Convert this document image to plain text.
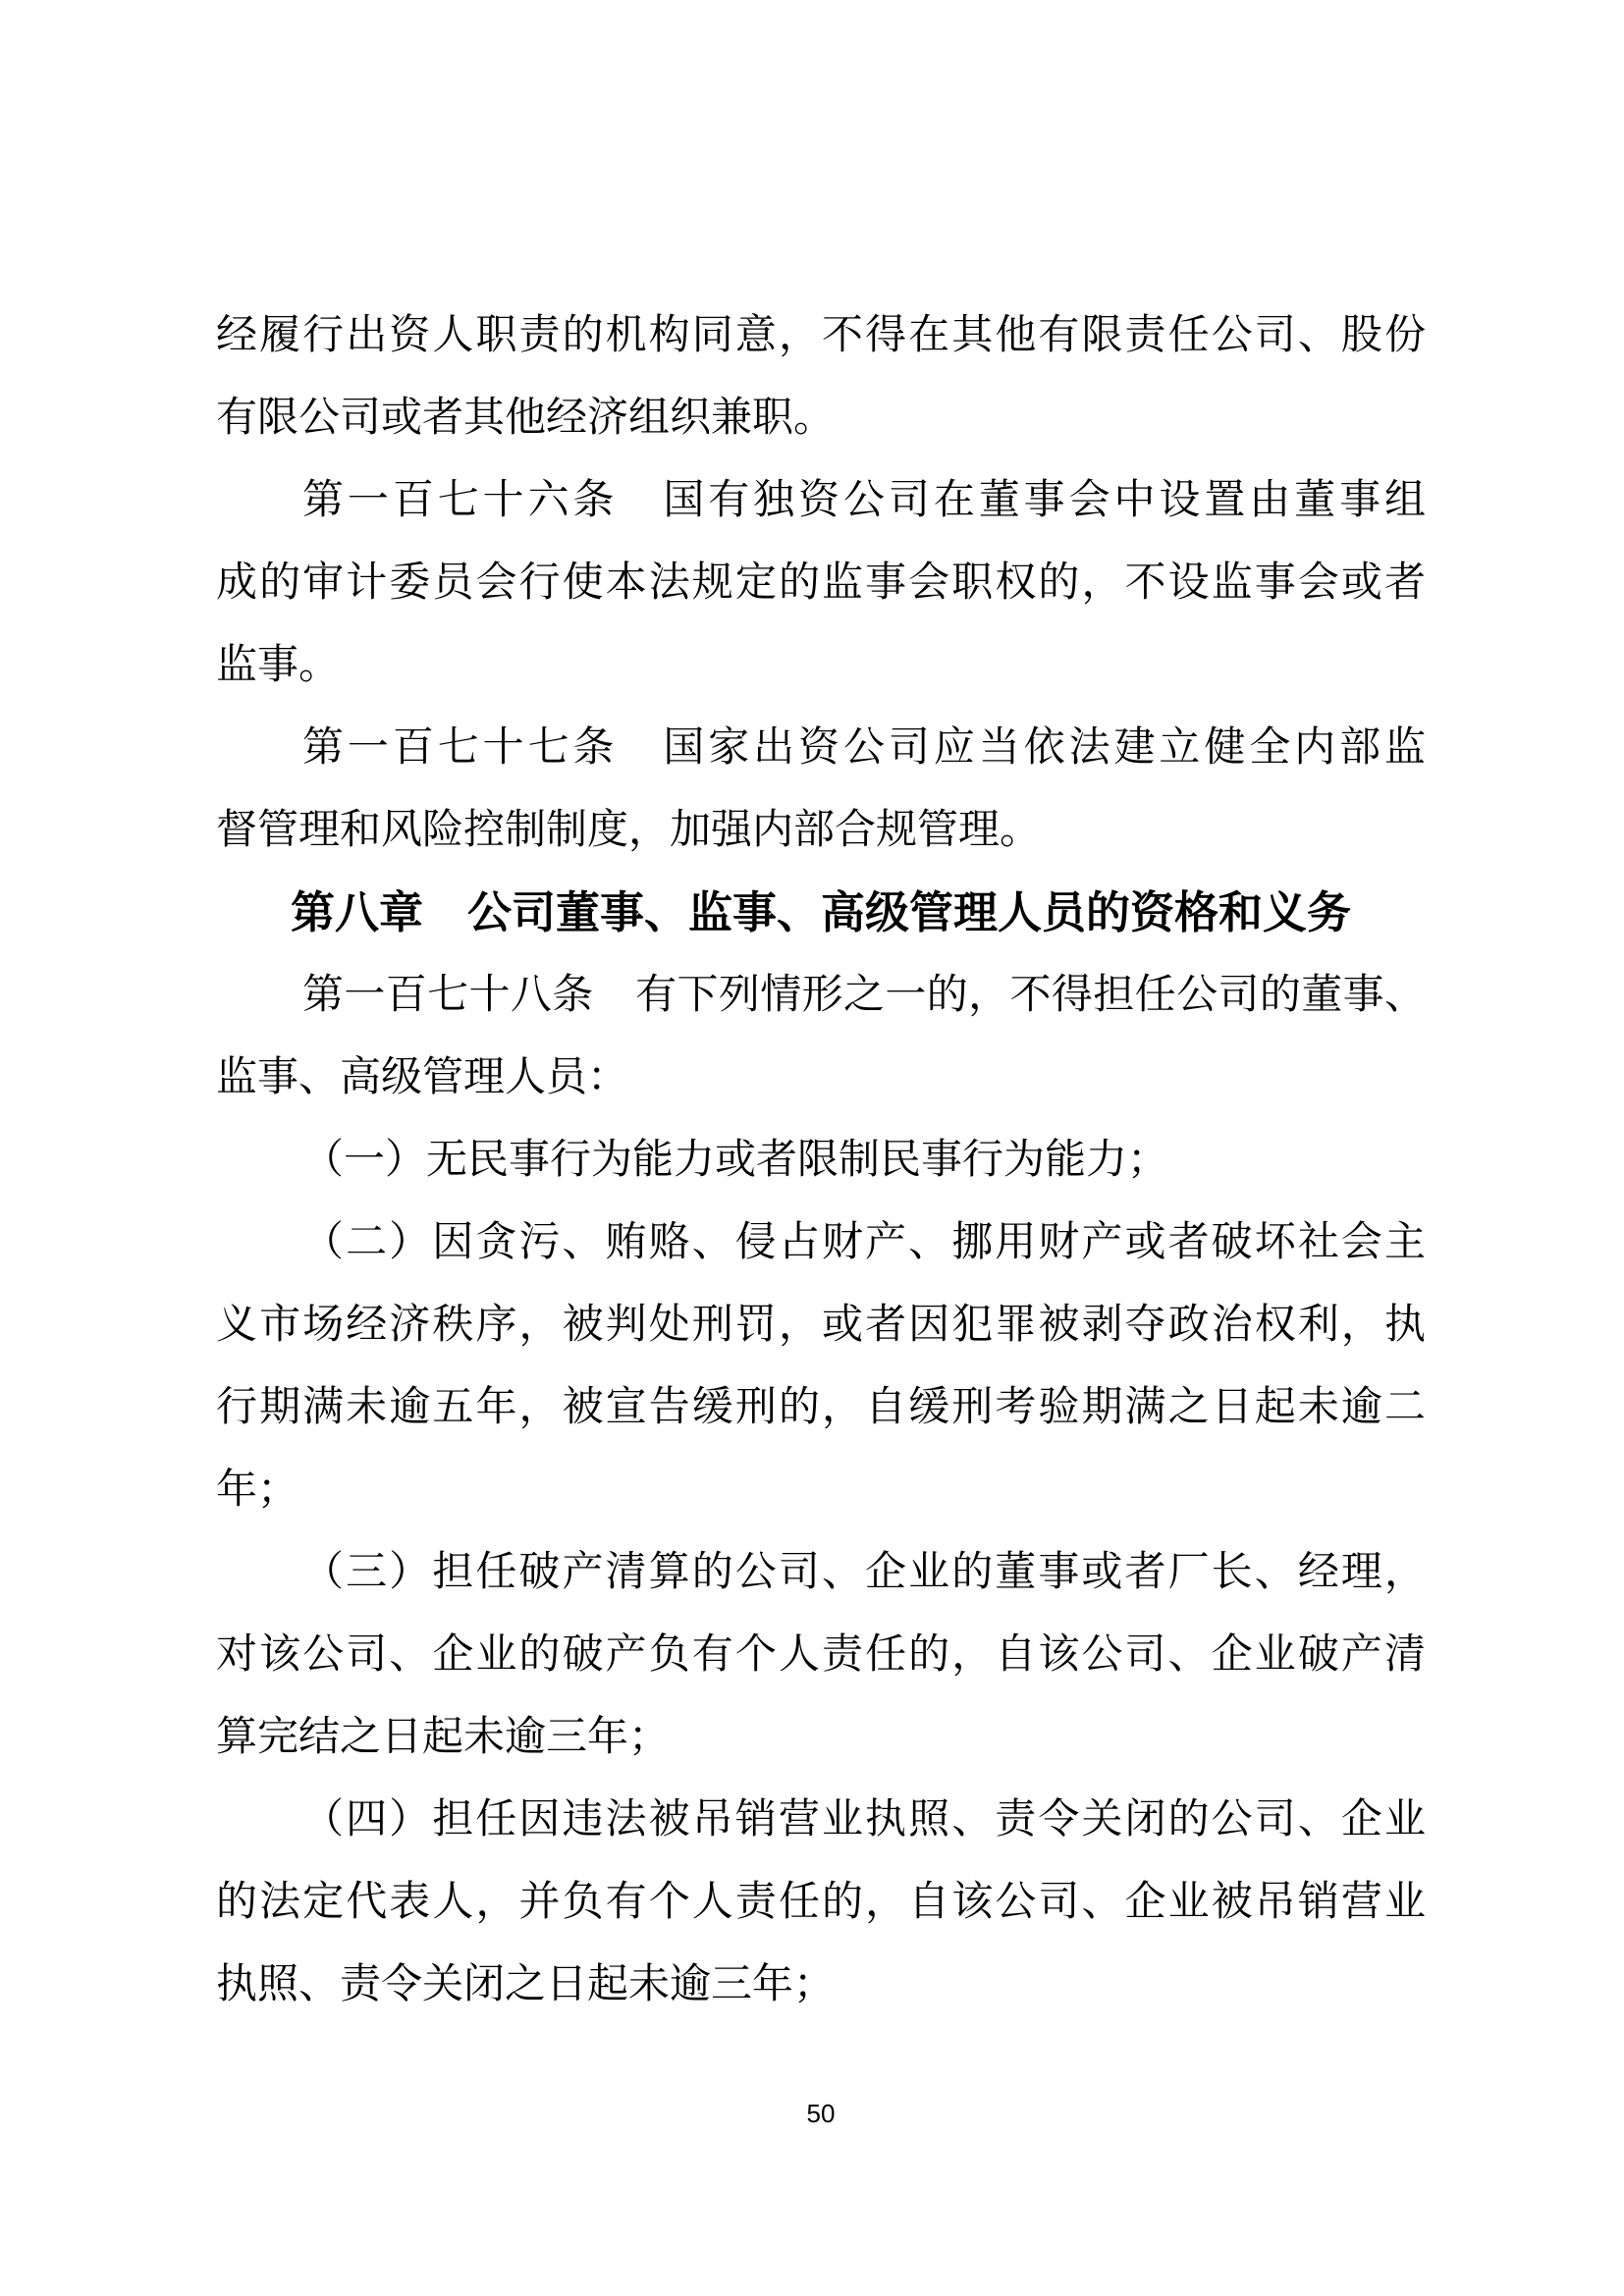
经履行出资人职责的机构同意，不得在其他有限责任公司、股份
有限公司或者其他经济组织兼职。
第一百七十六条　国有独资公司在董事会中设置由董事组
成的审计委员会行使本法规定的监事会职权的，不设监事会或者
监事。
第一百七十七条　国家出资公司应当依法建立健全内部监
督管理和风险控制制度，加强内部合规管理。
第八章　公司董事、监事、高级管理人员的资格和义务
第一百七十八条　有下列情形之一的，不得担任公司的董事、
监事、高级管理人员：
（一）无民事行为能力或者限制民事行为能力；
（二）因贪污、贿赂、侵占财产、挪用财产或者破坏社会主
义市场经济秩序，被判处刑罚，或者因犯罪被剥夺政治权利，执
行期满未逾五年，被宣告缓刑的，自缓刑考验期满之日起未逾二
年；
（三）担任破产清算的公司、企业的董事或者厂长、经理，
对该公司、企业的破产负有个人责任的，自该公司、企业破产清
算完结之日起未逾三年；
（四）担任因违法被吊销营业执照、责令关闭的公司、企业
的法定代表人，并负有个人责任的，自该公司、企业被吊销营业
执照、责令关闭之日起未逾三年；
50
